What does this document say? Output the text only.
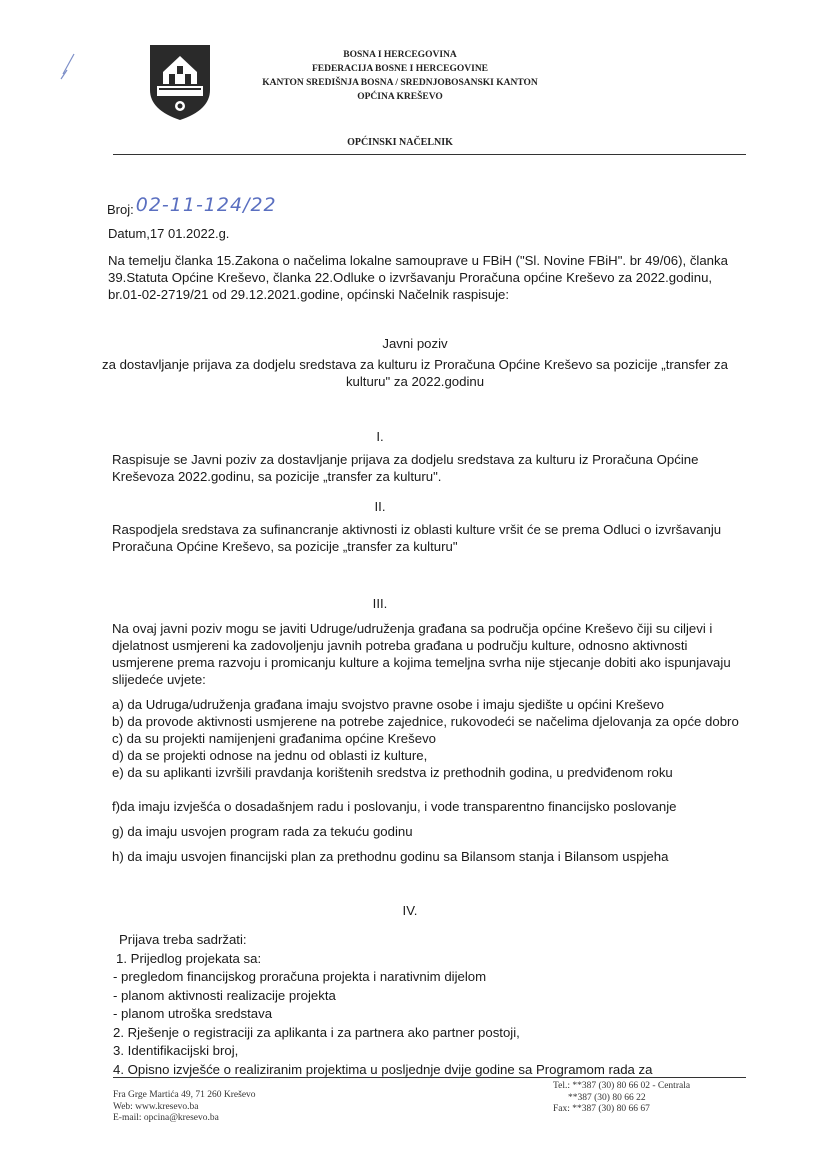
BOSNA I HERCEGOVINA
FEDERACIJA BOSNE I HERCEGOVINE
KANTON SREDIŠNJA BOSNA / SREDNJOBOSANSKI KANTON
OPĆINA KREŠEVO
OPĆINSKI NAČELNIK
Broj: 02-11-124/22
Datum,17 01.2022.g.
Na temelju članka 15.Zakona o načelima lokalne samouprave u FBiH ("Sl. Novine FBiH". br 49/06), članka
39.Statuta Općine Kreševo, članka 22.Odluke o izvršavanju Proračuna općine Kreševo za 2022.godinu,
br.01-02-2719/21 od 29.12.2021.godine, općinski Načelnik raspisuje:
Javni poziv
za dostavljanje prijava za dodjelu sredstava za kulturu iz Proračuna Općine Kreševo sa pozicije „transfer za
kulturu" za 2022.godinu
I.
Raspisuje se Javni poziv za dostavljanje prijava za dodjelu sredstava za kulturu iz Proračuna Općine
Kreševoza 2022.godinu, sa pozicije „transfer za kulturu".
II.
Raspodjela sredstava za sufinancranje aktivnosti iz oblasti kulture vršit će se prema Odluci o izvršavanju
Proračuna Općine Kreševo, sa pozicije „transfer za kulturu"
III.
Na ovaj javni poziv mogu se javiti Udruge/udruženja građana sa područja općine Kreševo čiji su ciljevi i
djelatnost usmjereni ka zadovoljenju javnih potreba građana u području kulture, odnosno aktivnosti
usmjerene prema razvoju i promicanju kulture a kojima temeljna svrha nije stjecanje dobiti ako ispunjavaju
slijedeće uvjete:
a) da Udruga/udruženja građana imaju svojstvo pravne osobe i imaju sjedište u općini Kreševo
b) da provode aktivnosti usmjerene na potrebe zajednice, rukovodeći se načelima djelovanja za opće dobro
c) da su projekti namijenjeni građanima općine Kreševo
d) da se projekti odnose na jednu od oblasti iz kulture,
e) da su aplikanti izvršili pravdanja korištenih sredstva iz prethodnih godina, u predviđenom roku
f)da imaju izvješća o dosadašnjem radu i poslovanju, i vode transparentno financijsko poslovanje
g) da imaju usvojen program rada za tekuću godinu
h) da imaju usvojen financijski plan za prethodnu godinu sa Bilansom stanja i Bilansom uspjeha
IV.
Prijava treba sadržati:
1. Prijedlog projekata sa:
- pregledom financijskog proračuna projekta i narativnim dijelom
- planom aktivnosti realizacije projekta
- planom utroška sredstava
2. Rješenje o registraciji za aplikanta i za partnera ako partner postoji,
3. Identifikacijski broj,
4. Opisno izvješće o realiziranim projektima u posljednje dvije godine sa Programom rada za
Fra Grge Martića 49, 71 260 Kreševo
Web: www.kresevo.ba
E-mail: opcina@kresevo.ba
Tel.: **387 (30) 80 66 02 - Centrala
**387 (30) 80 66 22
Fax: **387 (30) 80 66 67
